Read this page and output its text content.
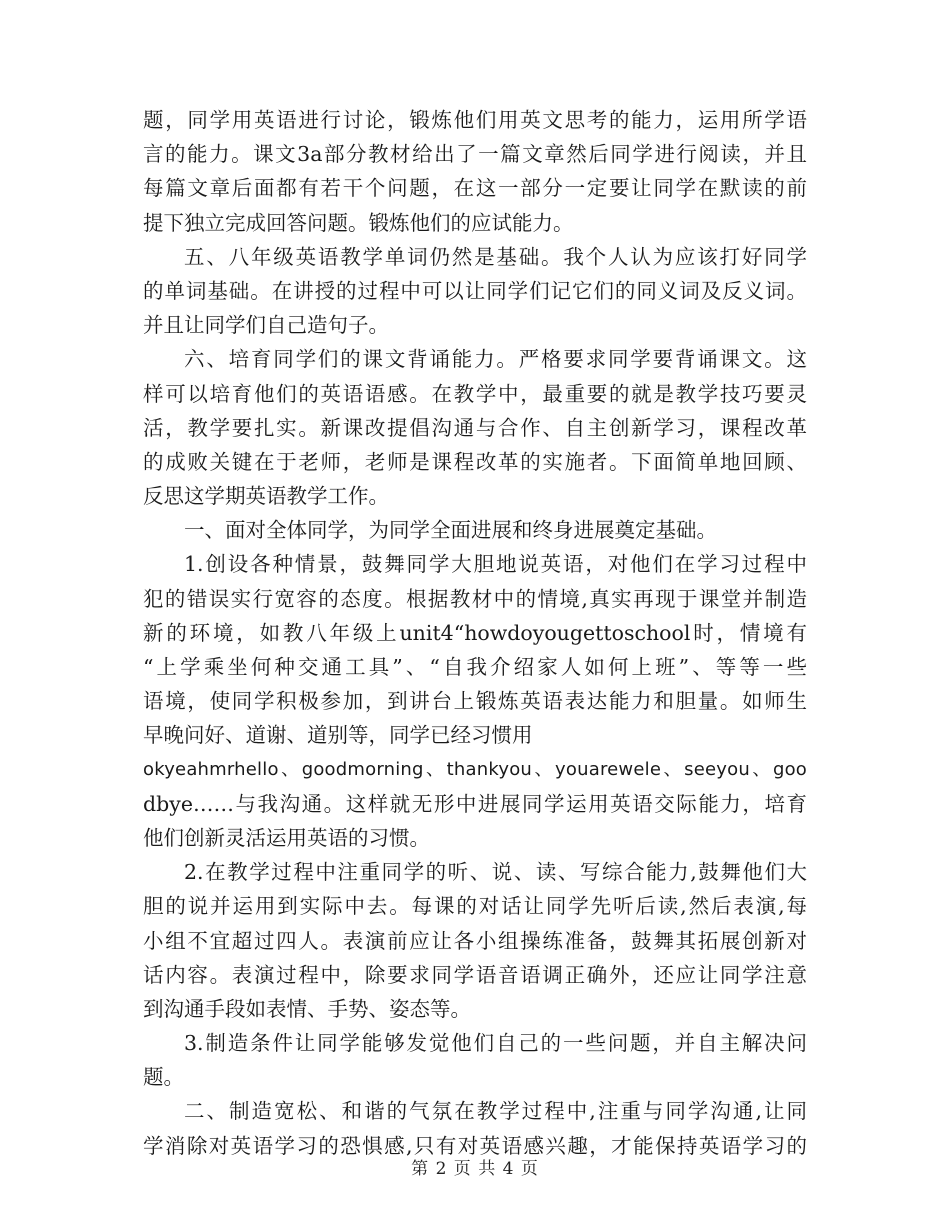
题，同学用英语进行讨论，锻炼他们用英文思考的能力，运用所学语
言的能力。课文3a部分教材给出了一篇文章然后同学进行阅读，并且
每篇文章后面都有若干个问题，在这一部分一定要让同学在默读的前
提下独立完成回答问题。锻炼他们的应试能力。
五、八年级英语教学单词仍然是基础。我个人认为应该打好同学
的单词基础。在讲授的过程中可以让同学们记它们的同义词及反义词。
并且让同学们自己造句子。
六、培育同学们的课文背诵能力。严格要求同学要背诵课文。这
样可以培育他们的英语语感。在教学中，最重要的就是教学技巧要灵
活，教学要扎实。新课改提倡沟通与合作、自主创新学习，课程改革
的成败关键在于老师，老师是课程改革的实施者。下面简单地回顾、
反思这学期英语教学工作。
一、面对全体同学，为同学全面进展和终身进展奠定基础。
1.创设各种情景，鼓舞同学大胆地说英语，对他们在学习过程中
犯的错误实行宽容的态度。根据教材中的情境,真实再现于课堂并制造
新的环境，如教八年级上unit4“howdoyougettoschool时，情境有
“上学乘坐何种交通工具”、“自我介绍家人如何上班”、等等一些
语境，使同学积极参加，到讲台上锻炼英语表达能力和胆量。如师生
早晚问好、道谢、道别等，同学已经习惯用
okyeahmrhello、goodmorning、thankyou、youarewele、seeyou、goo
dbye……与我沟通。这样就无形中进展同学运用英语交际能力，培育
他们创新灵活运用英语的习惯。
2.在教学过程中注重同学的听、说、读、写综合能力,鼓舞他们大
胆的说并运用到实际中去。每课的对话让同学先听后读,然后表演,每
小组不宜超过四人。表演前应让各小组操练准备，鼓舞其拓展创新对
话内容。表演过程中，除要求同学语音语调正确外，还应让同学注意
到沟通手段如表情、手势、姿态等。
3.制造条件让同学能够发觉他们自己的一些问题，并自主解决问
题。
二、制造宽松、和谐的气氛在教学过程中,注重与同学沟通,让同
学消除对英语学习的恐惧感,只有对英语感兴趣，才能保持英语学习的
第 2 页 共 4 页
